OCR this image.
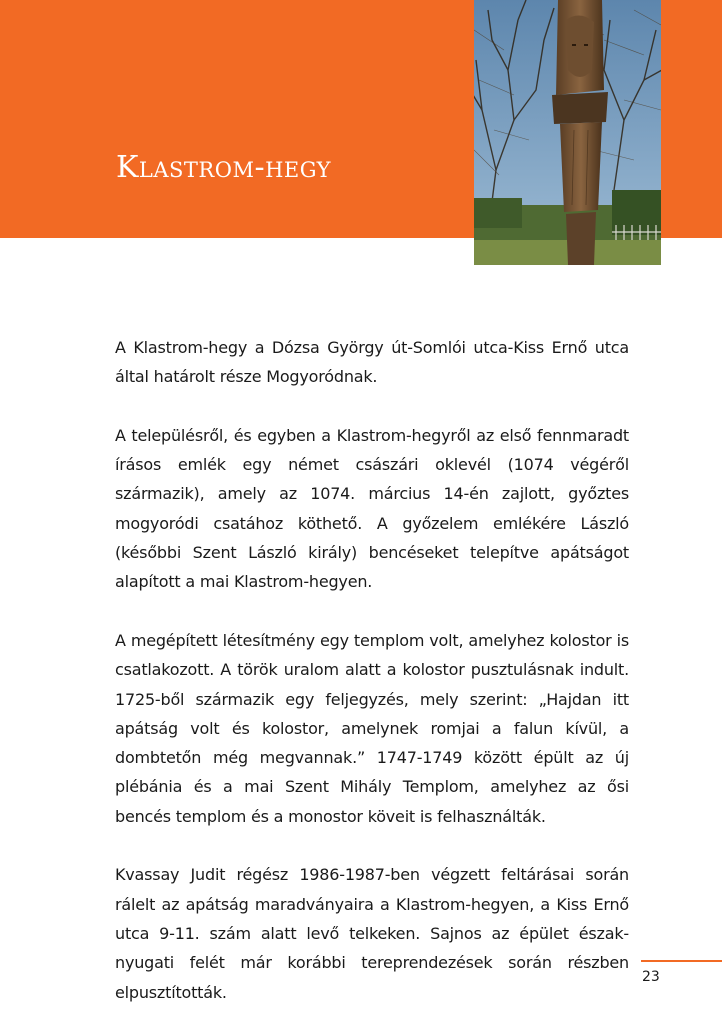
Klastrom-hegy

A Klastrom-hegy a Dózsa György út-Somlói utca-Kiss Ernő utca által határolt része Mogyoródnak.

A településről, és egyben a Klastrom-hegyről az első fennmaradt írásos emlék egy német császári oklevél (1074 végéről származik), amely az 1074. március 14-én zajlott, győztes mogyoródi csatához köthető. A győzelem emlékére László (későbbi Szent László király) bencéseket telepítve apátságot alapított a mai Klastrom-hegyen.

A megépített létesítmény egy templom volt, amelyhez kolostor is csatlakozott. A török uralom alatt a kolostor pusztulásnak indult. 1725-ből származik egy feljegyzés, mely szerint: „Hajdan itt apátság volt és kolostor, amelynek romjai a falun kívül, a dombtetőn még megvannak.” 1747-1749 között épült az új plébánia és a mai Szent Mihály Templom, amelyhez az ősi bencés templom és a monostor köveit is felhasználták.

Kvassay Judit régész 1986-1987-ben végzett feltárásai során rálelt az apátság maradványaira a Klastrom-hegyen, a Kiss Ernő utca 9-11. szám alatt levő telkeken. Sajnos az épület észak-nyugati felét már korábbi tereprendezések során részben elpusztították.

23
